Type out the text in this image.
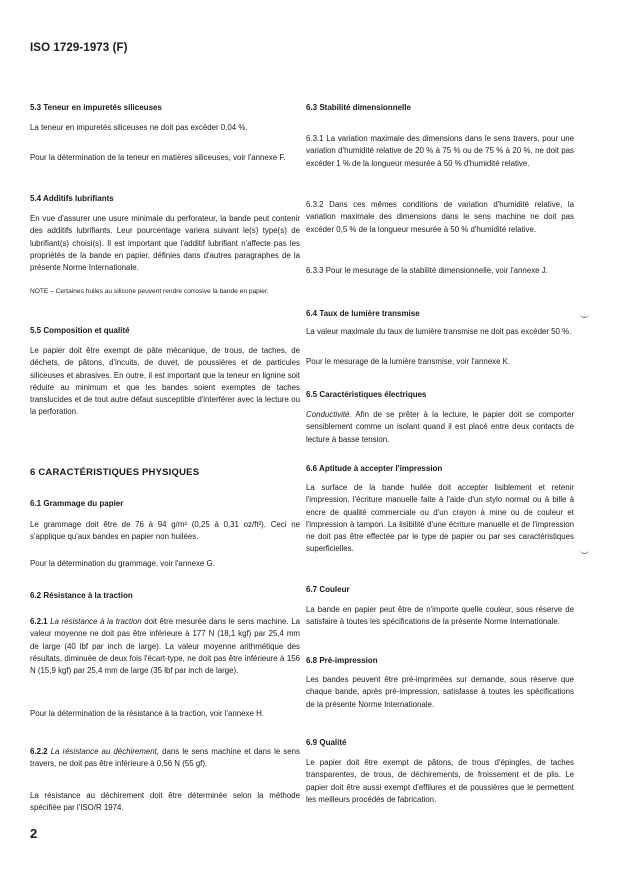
ISO 1729-1973 (F)
5.3 Teneur en impuretés siliceuses

La teneur en impuretés siliceuses ne doit pas excéder 0,04 %.

Pour la détermination de la teneur en matières siliceuses, voir l'annexe F.

5.4 Additifs lubrifiants

En vue d'assurer une usure minimale du perforateur, la bande peut contenir des additifs lubrifiants. Leur pourcentage variera suivant le(s) type(s) de lubrifiant(s) choisi(s). Il est important que l'additif lubrifiant n'affecte pas les propriétés de la bande en papier, définies dans d'autres paragraphes de la présente Norme Internationale.

NOTE – Certaines huiles au silicone peuvent rendre corrosive la bande en papier.

5.5 Composition et qualité

Le papier doit être exempt de pâte mécanique, de trous, de taches, de déchets, de pâtons, d'incuits, de duvet, de poussières et de particules siliceuses et abrasives. En outre, il est important que la teneur en lignine soit réduite au minimum et que les bandes soient exemptes de taches translucides et de tout autre défaut susceptible d'interférer avec la lecture ou la perforation.

6 CARACTÉRISTIQUES PHYSIQUES
6.1 Grammage du papier

Le grammage doit être de 76 à 94 g/m² (0,25 à 0,31 oz/ft²). Ceci ne s'applique qu'aux bandes en papier non huilées.

Pour la détermination du grammage, voir l'annexe G.

6.2 Résistance à la traction

6.2.1 La résistance à la traction doit être mesurée dans le sens machine. La valeur moyenne ne doit pas être inférieure à 177 N (18,1 kgf) par 25,4 mm de large (40 lbf par inch de large). La valeur moyenne arithmétique des résultats, diminuée de deux fois l'écart-type, ne doit pas être inférieure à 156 N (15,9 kgf) par 25,4 mm de large (35 lbf par inch de large).

Pour la détermination de la résistance à la traction, voir l'annexe H.

6.2.2 La résistance au déchirement, dans le sens machine et dans le sens travers, ne doit pas être inférieure à 0,56 N (55 gf).

La résistance au déchirement doit être déterminée selon la méthode spécifiée par l'ISO/R 1974.

2
6.3 Stabilité dimensionnelle

6.3.1 La variation maximale des dimensions dans le sens travers, pour une variation d'humidité relative de 20 % à 75 % ou de 75 % à 20 %, ne doit pas excéder 1 % de la longueur mesurée à 50 % d'humidité relative.

6.3.2 Dans ces mêmes conditions de variation d'humidité relative, la variation maximale des dimensions dans le sens machine ne doit pas excéder 0,5 % de la longueur mesurée à 50 % d'humidité relative.

6.3.3 Pour le mesurage de la stabilité dimensionnelle, voir l'annexe J.

6.4 Taux de lumière transmise

La valeur maximale du taux de lumière transmise ne doit pas excéder 50 %.

Pour le mesurage de la lumière transmise, voir l'annexe K.

6.5 Caractéristiques électriques

Conductivité. Afin de se prêter à la lecture, le papier doit se comporter sensiblement comme un isolant quand il est placé entre deux contacts de lecture à basse tension.

6.6 Aptitude à accepter l'impression

La surface de la bande huilée doit accepter lisiblement et retenir l'impression, l'écriture manuelle faite à l'aide d'un stylo normal ou à bille à encre de qualité commerciale ou d'un crayon à mine ou de couleur et l'impression à tampon. La lisibilité d'une écriture manuelle et de l'impression ne doit pas être effectée par le type de papier ou par ses caractéristiques superficielles.

6.7 Couleur

La bande en papier peut être de n'importe quelle couleur, sous réserve de satisfaire à toutes les spécifications de la présente Norme Internationale.

6.8 Pré-impression

Les bandes peuvent être pré-imprimées sur demande, sous réserve que chaque bande, après pré-impression, satisfasse à toutes les spécifications de la présente Norme Internationale.

6.9 Qualité

Le papier doit être exempt de pâtons, de trous d'épingles, de taches transparentes, de trous, de déchirements, de froissement et de plis. Le papier doit être aussi exempt d'effilures et de poussières que le permettent les meilleurs procédés de fabrication.
